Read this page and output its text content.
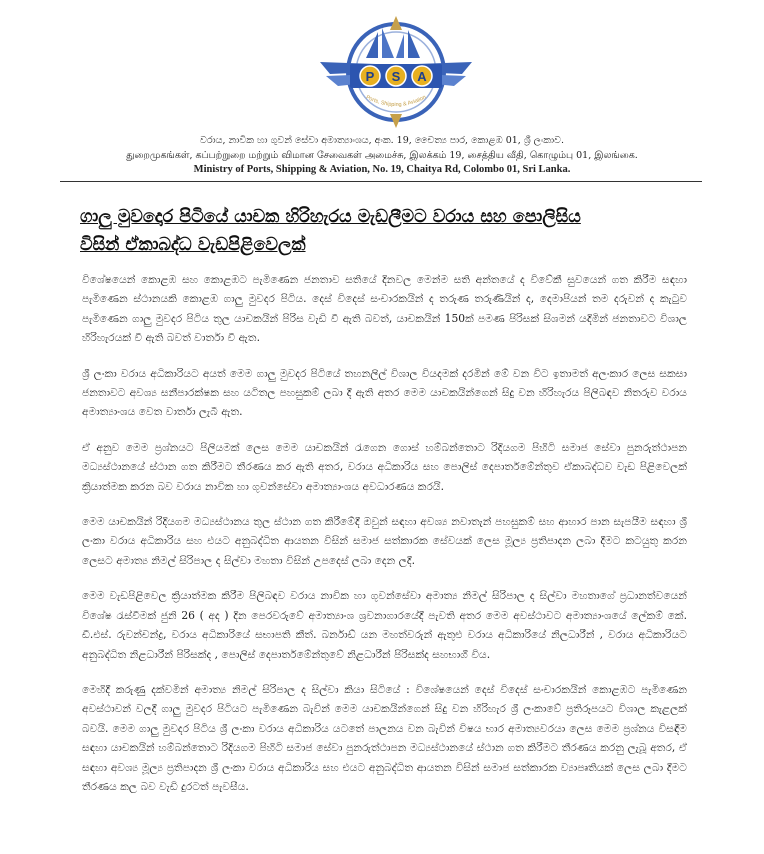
P S A
Ports, Shipping & Aviation
වරාය, නාවික හා ගුවන් සේවා අමාත්‍යාංශය, අංක. 19, චෛත්‍ය පාර, කොළඹ 01, ශ්‍රී ලංකාව.
துறைமுகங்கள், கப்பற்றுறை மற்றும் விமான சேவைகள் அமைச்சு, இலக்கம் 19, சைத்திய வீதி, கொழும்பு 01, இலங்கை.
Ministry of Ports, Shipping & Aviation, No. 19, Chaitya Rd, Colombo 01, Sri Lanka.
ගාලු මුවදොර පිටියේ යාචක හිරිහැරය මැඩලීමට වරාය සහ පොලිසිය
විසින් ඒකාබද්ධ වැඩපිළිවෙලක්

විශේෂයෙන් කොළඹ සහ කොළඹට පැමිණෙන ජනතාව සතියේ දිනවල මෙන්ම සති අන්තයේ ද විවේකී සුවයෙන් ගත කිරීම සඳහා පැමිණෙන ස්ථානයකි කොළඹ ගාලු මුවදර පිටිය. දෙස් විදෙස් සංචාරකයින් ද තරුණ තරුණියින් ද, දෙමාපියන් තම දරුවන් ද කැටුව පැමිණෙන ගාලු මුවදර පිටිය තුල යාචකයින් පිරිස වැඩි වී ඇති බවත්, යාචකයින් 150ක් පමණ පිරිසක් සිශමන් යදිමින් ජනතාවට විශාල හිරිහැරයක් වී ඇති බවත් වාර්තා වී ඇත.

ශ්‍රී ලංකා වරාය අධිකාරියට අයත් මෙම ගාලු මුවදර පිටියේ තහනලිල් විශාල වියදමක් දරමින් මේ වන විට ඉතාමත් අලංකාර ලෙස සකසා ජනතාවට අවශ්‍ය සනීපාරක්ෂක සහ යටිතල පහසුකම් ලබා දී ඇති අතර මෙම යාචකයින්ගෙන් සිදු වන හිරිහැරය පිලිබඳව නිතරුව වරාය අමාත්‍යාංශය වෙත වාර්තා ලැබී ඇත.

ඒ අනුව මෙම ප්‍රශ්නයට පිලියමක් ලෙස මෙම යාචකයින් රැගෙන ගොස් හම්බන්තොට රිදියගම පිහිටි සමාජ සේවා පුනරුත්ථාපන මධ්‍යස්ථානයේ ස්ථාන ගත කිරීමට තීරණය කර ඇති අතර, වරාය අධිකාරිය සහ පොලිස් දෙපාර්තමේන්තුව ඒකාබද්ධව වැඩ පිළිවෙලක් ක්‍රියාත්මක කරන බව වරාය නාවික හා ගුවන්සේවා අමාත්‍යාංශය අවධාරණය කරයි.

මෙම යාචකයින් රිදියගම මධ්‍යස්ථානය තුල ස්ථාන ගත කිරීමේදී ඔවුන් සඳහා අවශ්‍ය නවාතැන් පහසුකම් සහ ආහාර පාන සැපයීම සඳහා ශ්‍රී ලංකා වරාය අධිකාරිය සහ එයට අනුබද්ධිත ආයතන විසින් සමාජ සත්කාරක සේවයක් ලෙස මූල්‍ය ප්‍රතිපාදන ලබා දීමට කටයුතු කරන ලෙසට අමාත්‍ය නිමල් සිරිපාල ද සිල්වා මහතා විසින් උපදෙස් ලබා දෙන ලදී.

මෙම වැඩපිළිවෙල ක්‍රියාත්මක කිරීම පිලිබඳව වරාය නාවික හා ගුවන්සේවා අමාත්‍ය නිමල් සිරිපාල ද සිල්වා මහතාගේ ප්‍රධානත්වයෙන් විශේෂ රැස්වීමක් ජුනි 26 ( අද ) දින පෙරවරුවේ අමාත්‍යාංශ ශ්‍රවනාගාරයේදී පැවති අතර මෙම අවස්ථාවට අමාත්‍යාංශයේ ලේකම් කේ. ඩී.එස්. රුවන්චන්ද්‍ර, වරාය අධිකාරියේ සභාපති කීත්. බර්නාඩ් යන මහත්වරුන් ඇතුළු වරාය අධිකාරියේ නිලධාරීන් , වරාය අධිකාරියට අනුබද්ධිත නිළධාරීන් පිරිසක්ද , පොලිස් දෙපාර්තමේන්තුවේ නිළධාරීන් පිරිසක්ද සහභාගී විය.

මෙහිදී කරුණු දක්වමින් අමාත්‍ය නිමල් සිරිපාල ද සිල්වා කියා සිටියේ : විශේෂයෙන් දෙස් විදෙස් සංචාරකයින් කොළඹට පැමිණෙන අවස්ථාවන් වලදී ගාලු මුවදර පිටියට පැමිණෙන බැවින් මෙම යාචකයින්ගෙන් සිදු වන හිරිහැර ශ්‍රී ලංකාවේ ප්‍රතිරූපයට විශාල කැළලක් බවයි. මෙම ගාලු මුවදර පිටිය ශ්‍රී ලංකා වරාය අධිකාරිය යටතේ පාලනය වන බැවින් විෂය භාර අමාත්‍යවරයා ලෙස මෙම ප්‍රශ්නය විසඳීම සඳහා යාචකයින් හම්බන්තොට රිදියගම පිහිටි සමාජ සේවා පුනරුත්ථාපන මධ්‍යස්ථානයේ ස්ථාන ගත කිරීමට තීරණය කරනු ලැබූ අතර, ඒ සඳහා අවශ්‍ය මූල්‍ය ප්‍රතිපාදන ශ්‍රී ලංකා වරාය අධිකාරිය සහ එයට අනුබද්ධිත ආයතන විසින් සමාජ සත්කාරක ව්‍යාපෘතියක් ලෙස ලබා දීමට තීරණය කල බව වැඩි දුරටත් පැවසීය.
